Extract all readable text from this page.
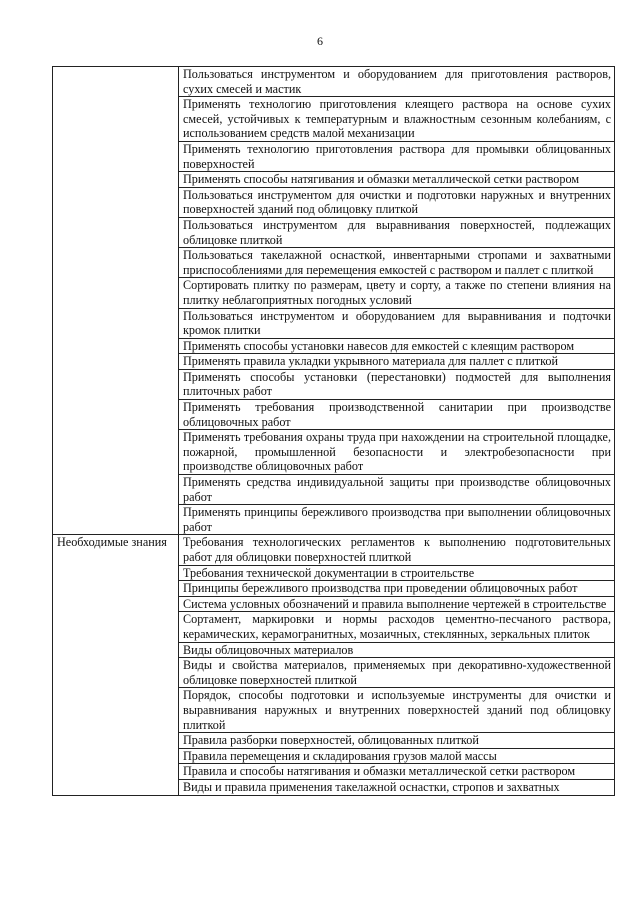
6
	Пользоваться инструментом и оборудованием для приготовления растворов, сухих смесей и мастик
	Применять технологию приготовления клеящего раствора на основе сухих смесей, устойчивых к температурным и влажностным сезонным колебаниям, с использованием средств малой механизации
	Применять технологию приготовления раствора для промывки облицованных поверхностей
	Применять способы натягивания и обмазки металлической сетки раствором
	Пользоваться инструментом для очистки и подготовки наружных и внутренних поверхностей зданий под облицовку плиткой
	Пользоваться инструментом для выравнивания поверхностей, подлежащих облицовке плиткой
	Пользоваться такелажной оснасткой, инвентарными стропами и захватными приспособлениями для перемещения емкостей с раствором и паллет с плиткой
	Сортировать плитку по размерам, цвету и сорту, а также по степени влияния на плитку неблагоприятных погодных условий
	Пользоваться инструментом и оборудованием для выравнивания и подточки кромок плитки
	Применять способы установки навесов для емкостей с клеящим раствором
	Применять правила укладки укрывного материала для паллет с плиткой
	Применять способы установки (перестановки) подмостей для выполнения плиточных работ
	Применять требования производственной санитарии при производстве облицовочных работ
	Применять требования охраны труда при нахождении на строительной площадке, пожарной, промышленной безопасности и электробезопасности при производстве облицовочных работ
	Применять средства индивидуальной защиты при производстве облицовочных работ
	Применять принципы бережливого производства при выполнении облицовочных работ
Необходимые знания	Требования технологических регламентов к выполнению подготовительных работ для облицовки поверхностей плиткой
	Требования технической документации в строительстве
	Принципы бережливого производства при проведении облицовочных работ
	Система условных обозначений и правила выполнение чертежей в строительстве
	Сортамент, маркировки и нормы расходов цементно-песчаного раствора, керамических, керамогранитных, мозаичных, стеклянных, зеркальных плиток
	Виды облицовочных материалов
	Виды и свойства материалов, применяемых при декоративно-художественной облицовке поверхностей плиткой
	Порядок, способы подготовки и используемые инструменты для очистки и выравнивания наружных и внутренних поверхностей зданий под облицовку плиткой
	Правила разборки поверхностей, облицованных плиткой
	Правила перемещения и складирования грузов малой массы
	Правила и способы натягивания и обмазки металлической сетки раствором
	Виды и правила применения такелажной оснастки, стропов и захватных
